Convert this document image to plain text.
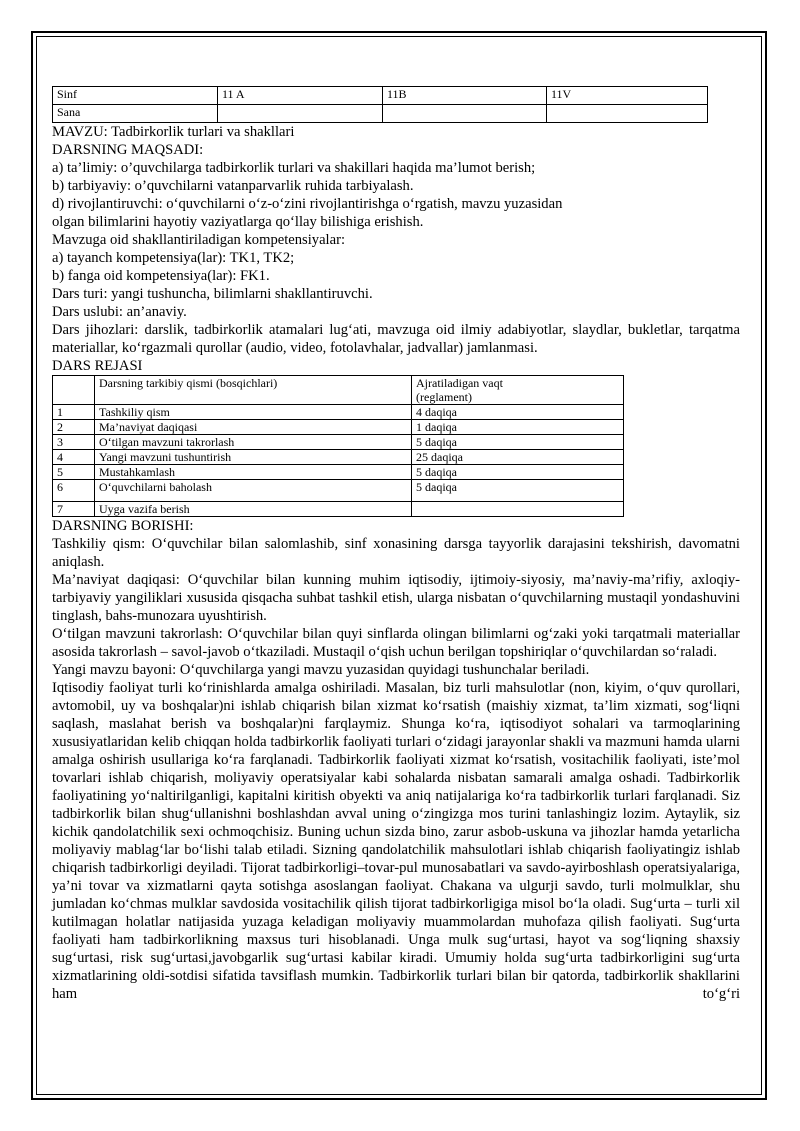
Sinf	11 A	11B	11V
Sana			

MAVZU: Tadbirkorlik turlari va shakllari

DARSNING MAQSADI:

a) ta’limiy: o’quvchilarga tadbirkorlik turlari va shakillari haqida ma’lumot berish;

b) tarbiyaviy: o’quvchilarni vatanparvarlik ruhida tarbiyalash.

d) rivojlantiruvchi: o‘quvchilarni o‘z-o‘zini rivojlantirishga o‘rgatish, mavzu yuzasidan

olgan bilimlarini hayotiy vaziyatlarga qo‘llay bilishiga erishish.

Mavzuga oid shakllantiriladigan kompetensiyalar:

a) tayanch kompetensiya(lar): TK1, TK2;

b) fanga oid kompetensiya(lar): FK1.

Dars turi: yangi tushuncha, bilimlarni shakllantiruvchi.

Dars uslubi: an’anaviy.

Dars jihozlari: darslik, tadbirkorlik atamalari lug‘ati, mavzuga oid ilmiy adabiyotlar, slaydlar, bukletlar, tarqatma materiallar, ko‘rgazmali qurollar (audio, video, fotolavhalar, jadvallar) jamlanmasi.

DARS REJASI

	Darsning tarkibiy qismi (bosqichlari)	Ajratiladigan vaqt
(reglament)
1	Tashkiliy qism	4 daqiqa
2	Ma’naviyat daqiqasi	1 daqiqa
3	O‘tilgan mavzuni takrorlash	5 daqiqa
4	Yangi mavzuni tushuntirish	25 daqiqa
5	Mustahkamlash	5 daqiqa
6	O‘quvchilarni baholash	5 daqiqa
7	Uyga vazifa berish	

DARSNING BORISHI:

Tashkiliy qism: O‘quvchilar bilan salomlashib, sinf xonasining darsga tayyorlik darajasini tekshirish, davomatni aniqlash.

Ma’naviyat daqiqasi: O‘quvchilar bilan kunning muhim iqtisodiy, ijtimoiy-siyosiy, ma’naviy-ma’rifiy, axloqiy-tarbiyaviy yangiliklari xususida qisqacha suhbat tashkil etish, ularga nisbatan o‘quvchilarning mustaqil yondashuvini tinglash, bahs-munozara uyushtirish.

O‘tilgan mavzuni takrorlash: O‘quvchilar bilan quyi sinflarda olingan bilimlarni og‘zaki yoki tarqatmali materiallar asosida takrorlash – savol-javob o‘tkaziladi. Mustaqil o‘qish uchun berilgan topshiriqlar o‘quvchilardan so‘raladi.

Yangi mavzu bayoni: O‘quvchilarga yangi mavzu yuzasidan quyidagi tushunchalar beriladi.

Iqtisodiy faoliyat turli ko‘rinishlarda amalga oshiriladi. Masalan, biz turli mahsulotlar (non, kiyim, o‘quv qurollari, avtomobil, uy va boshqalar)ni ishlab chiqarish bilan xizmat ko‘rsatish (maishiy xizmat, ta’lim xizmati, sog‘liqni saqlash, maslahat berish va boshqalar)ni farqlaymiz. Shunga ko‘ra, iqtisodiyot sohalari va tarmoqlarining xususiyatlaridan kelib chiqqan holda tadbirkorlik faoliyati turlari o‘zidagi jarayonlar shakli va mazmuni hamda ularni amalga oshirish usullariga ko‘ra farqlanadi. Tadbirkorlik faoliyati xizmat ko‘rsatish, vositachilik faoliyati, iste’mol tovarlari ishlab chiqarish, moliyaviy operatsiyalar kabi sohalarda nisbatan samarali amalga oshadi. Tadbirkorlik faoliyatining yo‘naltirilganligi, kapitalni kiritish obyekti va aniq natijalariga ko‘ra tadbirkorlik turlari farqlanadi. Siz tadbirkorlik bilan shug‘ullanishni boshlashdan avval uning o‘zingizga mos turini tanlashingiz lozim. Aytaylik, siz kichik qandolatchilik sexi ochmoqchisiz. Buning uchun sizda bino, zarur asbob-uskuna va jihozlar hamda yetarlicha moliyaviy mablag‘lar bo‘lishi talab etiladi. Sizning qandolatchilik mahsulotlari ishlab chiqarish faoliyatingiz ishlab chiqarish tadbirkorligi deyiladi. Tijorat tadbirkorligi–tovar-pul munosabatlari va savdo-ayirboshlash operatsiyalariga, ya’ni tovar va xizmatlarni qayta sotishga asoslangan faoliyat. Chakana va ulgurji savdo, turli molmulklar, shu jumladan ko‘chmas mulklar savdosida vositachilik qilish tijorat tadbirkorligiga misol bo‘la oladi. Sug‘urta – turli xil kutilmagan holatlar natijasida yuzaga keladigan moliyaviy muammolardan muhofaza qilish faoliyati. Sug‘urta faoliyati ham tadbirkorlikning maxsus turi hisoblanadi. Unga mulk sug‘urtasi, hayot va sog‘liqning shaxsiy sug‘urtasi, risk sug‘urtasi,javobgarlik sug‘urtasi kabilar kiradi. Umumiy holda sug‘urta tadbirkorligini sug‘urta xizmatlarining oldi-sotdisi sifatida tavsiflash mumkin. Tadbirkorlik turlari bilan bir qatorda, tadbirkorlik shakllarini ham to‘g‘ri
